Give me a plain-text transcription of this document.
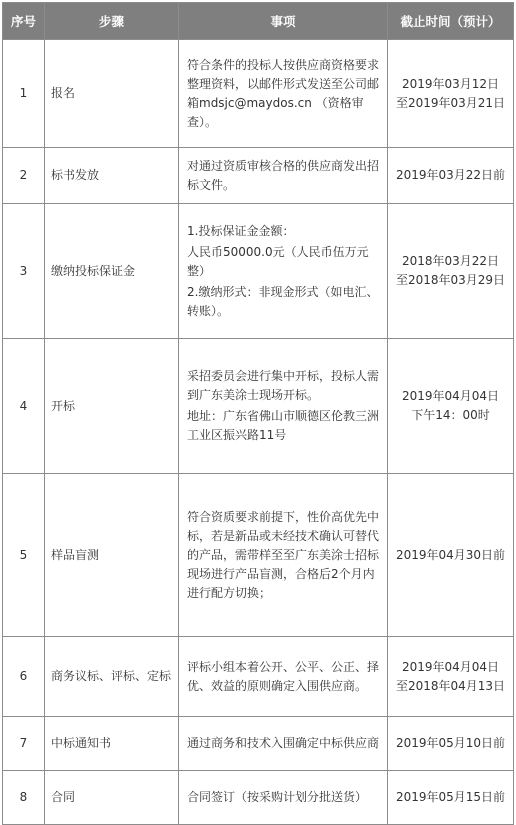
序号	步骤	事项	截止时间（预计）
1	报名	符合条件的投标人按供应商资格要求整理资料，以邮件形式发送至公司邮箱mdsjc@maydos.cn （资格审查）。	2019年03月12日
至2019年03月21日

2	标书发放	对通过资质审核合格的供应商发出招标文件。	2019年03月22日前

3	缴纳投标保证金	1.投标保证金金额：
人民币50000.0元（人民币伍万元整）
2.缴纳形式：非现金形式（如电汇、转账）。	2018年03月22日
至2018年03月29日

4	开标	采招委员会进行集中开标，投标人需到广东美涂士现场开标。
地址：广东省佛山市顺德区伦教三洲工业区振兴路11号	2019年04月04日
下午14：00时

5	样品盲测	符合资质要求前提下，性价高优先中标，若是新品或未经技术确认可替代的产品，需带样至至广东美涂士招标现场进行产品盲测，合格后2个月内进行配方切换；	2019年04月30日前

6	商务议标、评标、定标	评标小组本着公开、公平、公正、择优、效益的原则确定入围供应商。	2019年04月04日
至2018年04月13日

7	中标通知书	通过商务和技术入围确定中标供应商	2019年05月10日前

8	合同	合同签订（按采购计划分批送货）	2019年05月15日前
